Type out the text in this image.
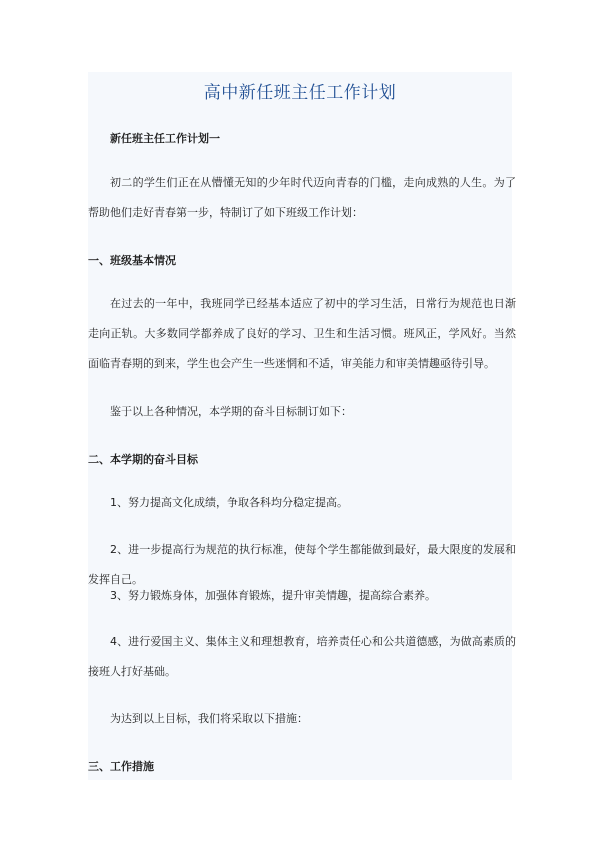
高中新任班主任工作计划
新任班主任工作计划一

初二的学生们正在从懵懂无知的少年时代迈向青春的门槛，走向成熟的人生。为了帮助他们走好青春第一步，特制订了如下班级工作计划：

一、班级基本情况

在过去的一年中，我班同学已经基本适应了初中的学习生活，日常行为规范也日渐走向正轨。大多数同学都养成了良好的学习、卫生和生活习惯。班风正，学风好。当然面临青春期的到来，学生也会产生一些迷惘和不适，审美能力和审美情趣亟待引导。

鉴于以上各种情况，本学期的奋斗目标制订如下：

二、本学期的奋斗目标

1、努力提高文化成绩，争取各科均分稳定提高。

2、进一步提高行为规范的执行标准，使每个学生都能做到最好，最大限度的发展和发挥自己。

3、努力锻炼身体，加强体育锻炼，提升审美情趣，提高综合素养。

4、进行爱国主义、集体主义和理想教育，培养责任心和公共道德感，为做高素质的接班人打好基础。

为达到以上目标，我们将采取以下措施：

三、工作措施
